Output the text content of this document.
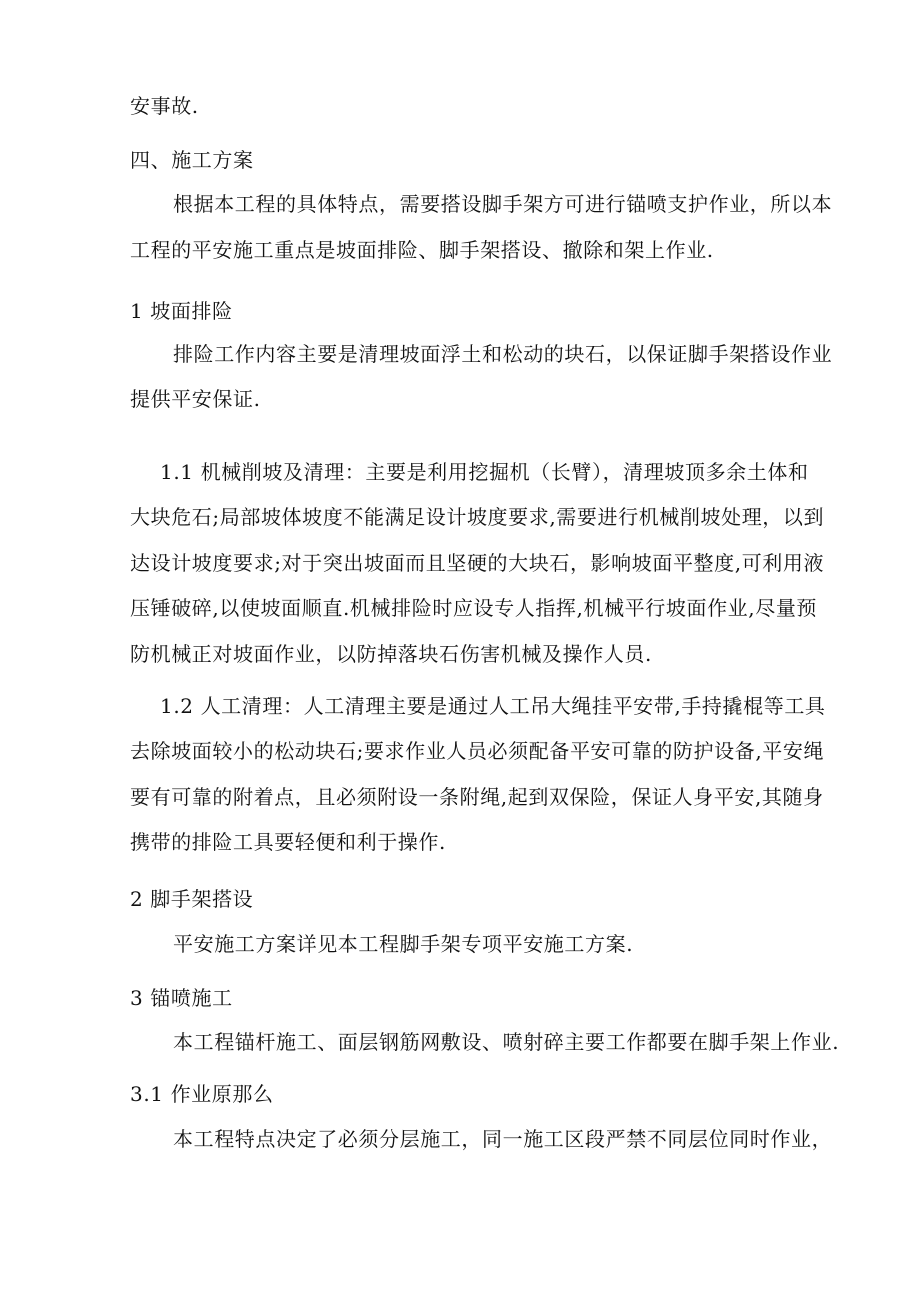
安事故.
四、施工方案
根据本工程的具体特点，需要搭设脚手架方可进行锚喷支护作业，所以本
工程的平安施工重点是坡面排险、脚手架搭设、撤除和架上作业.
1 坡面排险
排险工作内容主要是清理坡面浮土和松动的块石，以保证脚手架搭设作业
提供平安保证.
1.1 机械削坡及清理：主要是利用挖掘机（长臂），清理坡顶多余土体和
大块危石;局部坡体坡度不能满足设计坡度要求,需要进行机械削坡处理，以到
达设计坡度要求;对于突出坡面而且坚硬的大块石，影响坡面平整度,可利用液
压锤破碎,以使坡面顺直.机械排险时应设专人指挥,机械平行坡面作业,尽量预
防机械正对坡面作业，以防掉落块石伤害机械及操作人员.
1.2 人工清理：人工清理主要是通过人工吊大绳挂平安带,手持撬棍等工具
去除坡面较小的松动块石;要求作业人员必须配备平安可靠的防护设备,平安绳
要有可靠的附着点，且必须附设一条附绳,起到双保险，保证人身平安,其随身
携带的排险工具要轻便和利于操作.
2 脚手架搭设
平安施工方案详见本工程脚手架专项平安施工方案.
3 锚喷施工
本工程锚杆施工、面层钢筋网敷设、喷射碎主要工作都要在脚手架上作业.
3.1 作业原那么
本工程特点决定了必须分层施工，同一施工区段严禁不同层位同时作业，
